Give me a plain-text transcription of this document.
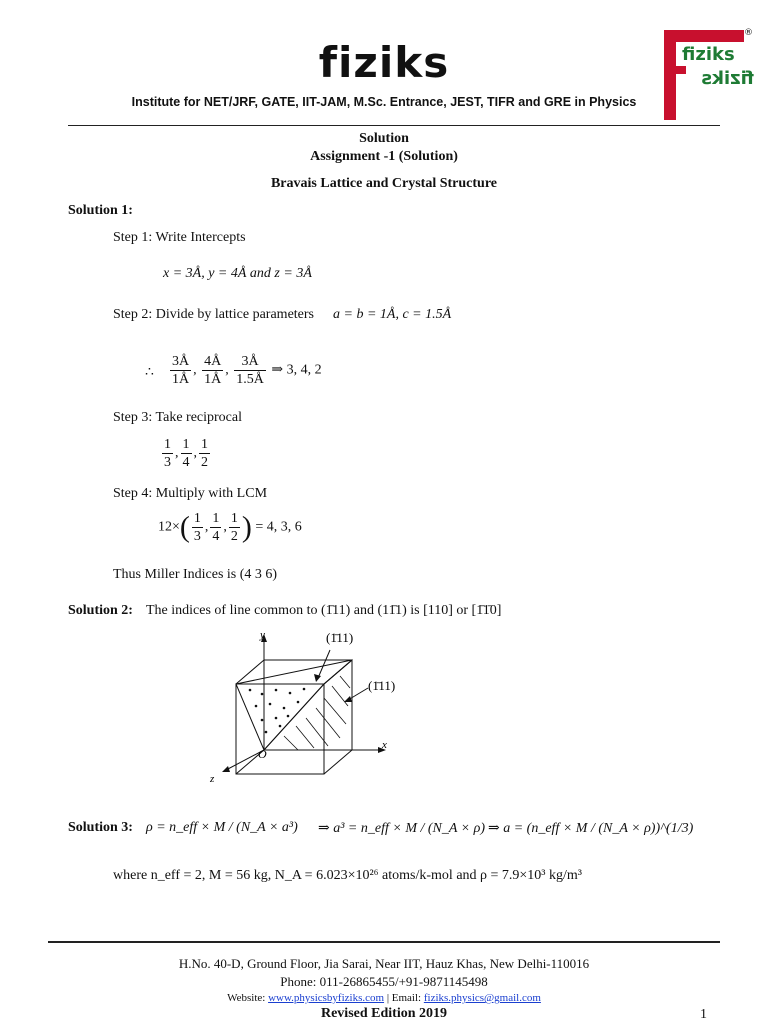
fiziks
Institute for NET/JRF, GATE, IIT-JAM, M.Sc. Entrance, JEST, TIFR and GRE in Physics
fiziks
fiziks
®
Solution
Assignment -1 (Solution)
Bravais Lattice and Crystal Structure
Solution 1:
Step 1: Write Intercepts
x = 3Å, y = 4Å and z = 3Å
Step 2: Divide by lattice parameters a = b = 1Å, c = 1.5Å
∴ $\frac{3Å}{1Å}$ , $\frac{4Å}{1Å}$ , $\frac{3Å}{1.5Å}$ ⇒ 3, 4, 2
Step 3: Take reciprocal
$\frac{1}{3}$ , $\frac{1}{4}$ , $\frac{1}{2}$
Step 4: Multiply with LCM
$12\times( \frac{1}{3}$ , $\frac{1}{4}$ , $\frac{1}{2}$ ) = 4, 3, 6
Thus Miller Indices is (4 3 6)
Solution 2: The indices of line common to (1̄11) and (11̄1) is [110] or [1̄1̄0]
y
x
z
O
(1̄11)
(1̄11)
Solution 3: ρ = n_eff × M / (N_A × a³) ⇒ a³ = n_eff × M / (N_A × ρ) ⇒ a = (n_eff × M / (N_A × ρ))^(1/3)
where n_eff = 2, M = 56 kg, N_A = 6.023×10²⁶ atoms/k-mol and ρ = 7.9×10³ kg/m³
H.No. 40-D, Ground Floor, Jia Sarai, Near IIT, Hauz Khas, New Delhi-110016
Phone: 011-26865455/+91-9871145498
Website: www.physicsbyfiziks.com | Email: fiziks.physics@gmail.com
Revised Edition 2019	1
